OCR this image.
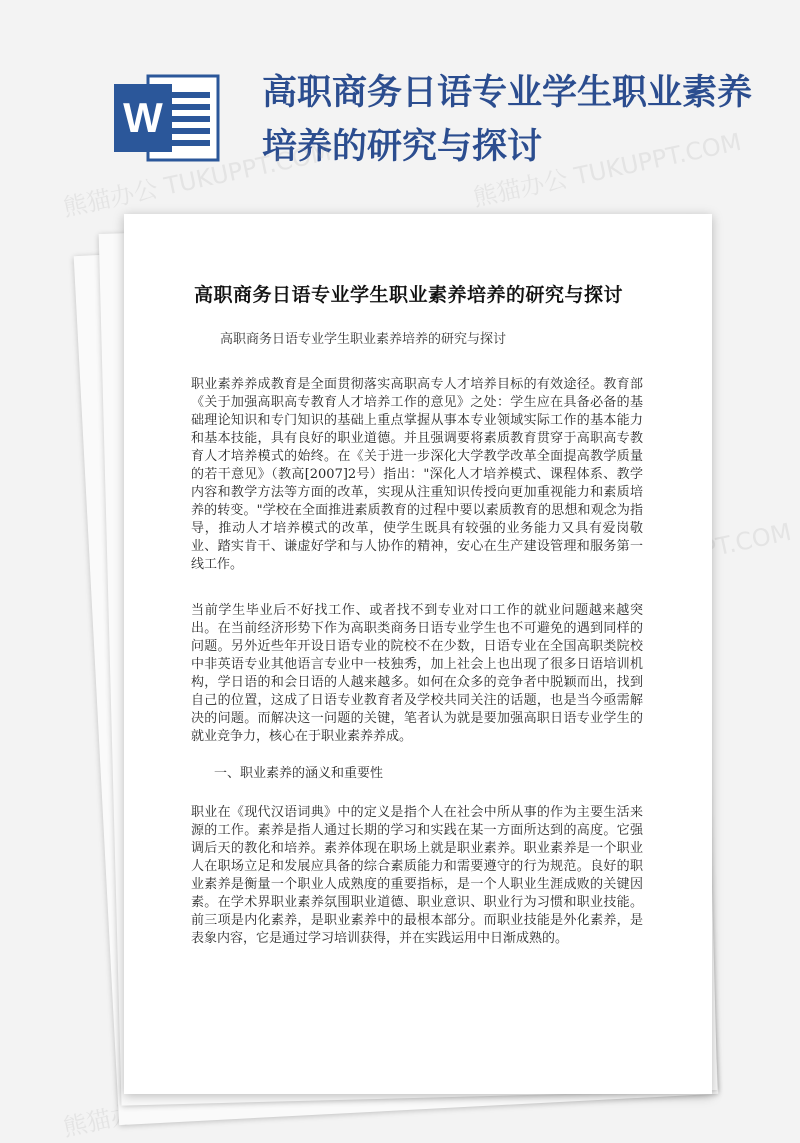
W
高职商务日语专业学生职业素养培养的研究与探讨
熊猫办公 TUKUPPT.COM	熊猫办公 TUKUPPT.COM
熊猫办公
高职商务日语专业学生职业素养培养的研究与探讨
高职商务日语专业学生职业素养培养的研究与探讨

职业素养养成教育是全面贯彻落实高职高专人才培养目标的有效途径。教育部《关于加强高职高专教育人才培养工作的意见》之处：学生应在具备必备的基础理论知识和专门知识的基础上重点掌握从事本专业领域实际工作的基本能力和基本技能，具有良好的职业道德。并且强调要将素质教育贯穿于高职高专教育人才培养模式的始终。在《关于进一步深化大学教学改革全面提高教学质量的若干意见》（教高[2007]2号）指出："深化人才培养模式、课程体系、教学内容和教学方法等方面的改革，实现从注重知识传授向更加重视能力和素质培养的转变。"学校在全面推进素质教育的过程中要以素质教育的思想和观念为指导，推动人才培养模式的改革，使学生既具有较强的业务能力又具有爱岗敬业、踏实肯干、谦虚好学和与人协作的精神，安心在生产建设管理和服务第一线工作。

当前学生毕业后不好找工作、或者找不到专业对口工作的就业问题越来越突出。在当前经济形势下作为高职类商务日语专业学生也不可避免的遇到同样的问题。另外近些年开设日语专业的院校不在少数，日语专业在全国高职类院校中非英语专业其他语言专业中一枝独秀，加上社会上也出现了很多日语培训机构，学日语的和会日语的人越来越多。如何在众多的竞争者中脱颖而出，找到自己的位置，这成了日语专业教育者及学校共同关注的话题，也是当今亟需解决的问题。而解决这一问题的关键，笔者认为就是要加强高职日语专业学生的就业竞争力，核心在于职业素养养成。

一、职业素养的涵义和重要性

职业在《现代汉语词典》中的定义是指个人在社会中所从事的作为主要生活来源的工作。素养是指人通过长期的学习和实践在某一方面所达到的高度。它强调后天的教化和培养。素养体现在职场上就是职业素养。职业素养是一个职业人在职场立足和发展应具备的综合素质能力和需要遵守的行为规范。良好的职业素养是衡量一个职业人成熟度的重要指标，是一个人职业生涯成败的关键因素。在学术界职业素养氛围职业道德、职业意识、职业行为习惯和职业技能。前三项是内化素养，是职业素养中的最根本部分。而职业技能是外化素养，是表象内容，它是通过学习培训获得，并在实践运用中日渐成熟的。
